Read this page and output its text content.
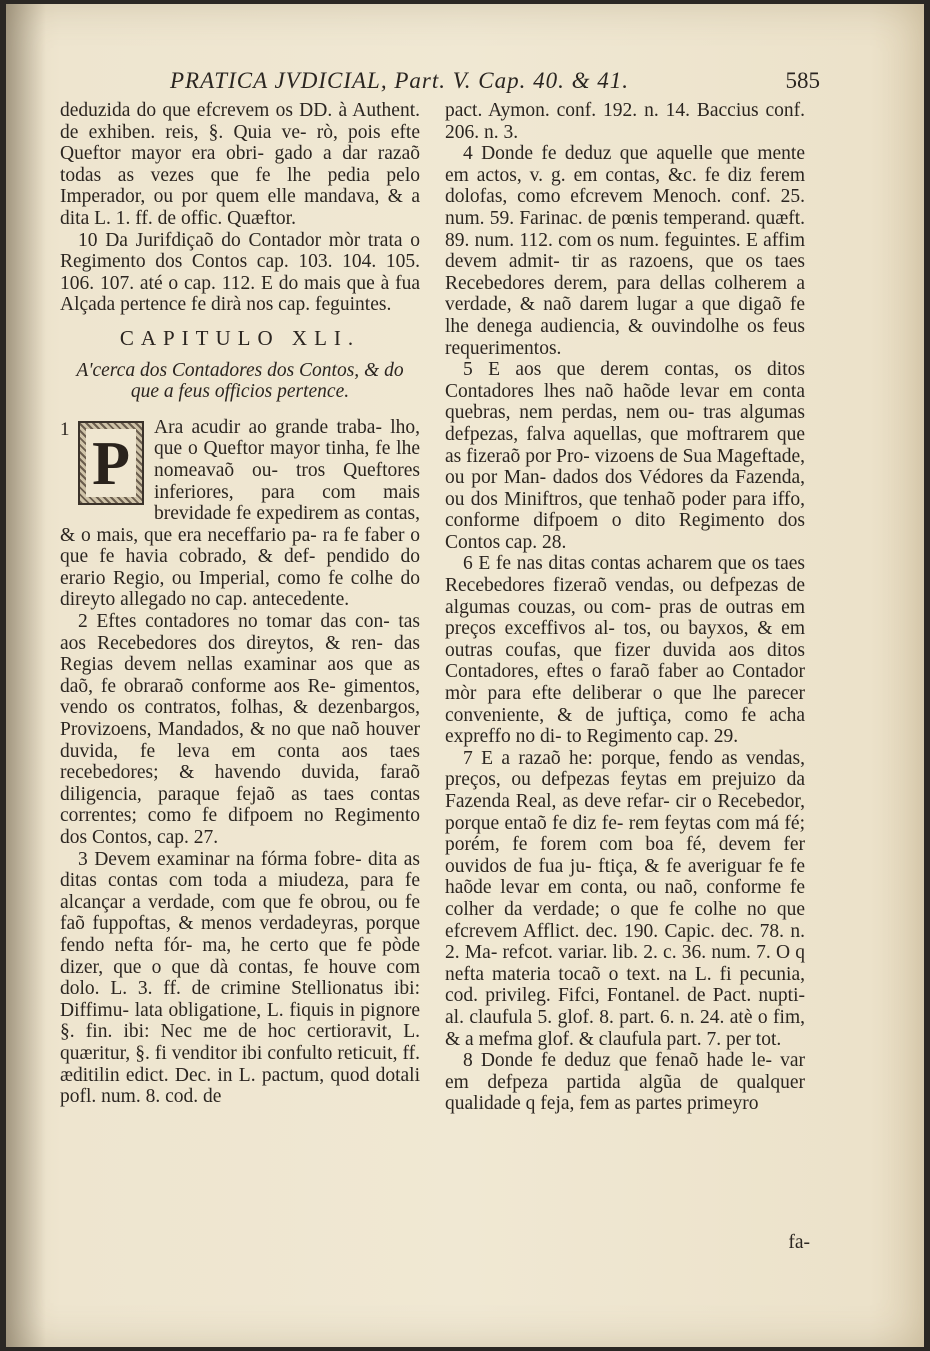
PRATICA JVDICIAL, Part. V. Cap. 40. & 41.	585

deduzida do que efcrevem os DD. à Authent. de exhiben. reis, §. Quia ve- rò, pois efte Queftor mayor era obri- gado a dar razaõ todas as vezes que fe lhe pedia pelo Imperador, ou por quem elle mandava, & a dita L. 1. ff. de offic. Quæftor.

10 Da Jurifdiçaõ do Contador mòr trata o Regimento dos Contos cap. 103. 104. 105. 106. 107. até o cap. 112. E do mais que à fua Alçada pertence fe dirà nos cap. feguintes.

CAPITULO XLI.
A'cerca dos Contadores dos Contos, & do que a feus officios pertence.
1
P

Ara acudir ao grande traba- lho, que o Queftor mayor tinha, fe lhe nomeavaõ ou- tros Queftores inferiores, para com mais brevidade fe expedirem as contas, & o mais, que era neceffario pa- ra fe faber o que fe havia cobrado, & def- pendido do erario Regio, ou Imperial, como fe colhe do direyto allegado no cap. antecedente.

2 Eftes contadores no tomar das con- tas aos Recebedores dos direytos, & ren- das Regias devem nellas examinar aos que as daõ, fe obraraõ conforme aos Re- gimentos, vendo os contratos, folhas, & dezenbargos, Provizoens, Mandados, & no que naõ houver duvida, fe leva em conta aos taes recebedores; & havendo duvida, faraõ diligencia, paraque fejaõ as taes contas correntes; como fe difpoem no Regimento dos Contos, cap. 27.

3 Devem examinar na fórma fobre- dita as ditas contas com toda a miudeza, para fe alcançar a verdade, com que fe obrou, ou fe faõ fuppoftas, & menos verdadeyras, porque fendo nefta fór- ma, he certo que fe pòde dizer, que o que dà contas, fe houve com dolo. L. 3. ff. de crimine Stellionatus ibi: Diffimu- lata obligatione, L. fiquis in pignore §. fin. ibi: Nec me de hoc certioravit, L. quæritur, §. fi venditor ibi confulto reticuit, ff. æditilin edict. Dec. in L. pactum, quod dotali pofl. num. 8. cod. de

pact. Aymon. conf. 192. n. 14. Baccius conf. 206. n. 3.

4 Donde fe deduz que aquelle que mente em actos, v. g. em contas, &c. fe diz ferem dolofas, como efcrevem Menoch. conf. 25. num. 59. Farinac. de pœnis temperand. quæft. 89. num. 112. com os num. feguintes. E affim devem admit- tir as razoens, que os taes Recebedores derem, para dellas colherem a verdade, & naõ darem lugar a que digaõ fe lhe denega audiencia, & ouvindolhe os feus requerimentos.

5 E aos que derem contas, os ditos Contadores lhes naõ haõde levar em conta quebras, nem perdas, nem ou- tras algumas defpezas, falva aquellas, que moftrarem que as fizeraõ por Pro- vizoens de Sua Mageftade, ou por Man- dados dos Védores da Fazenda, ou dos Miniftros, que tenhaõ poder para iffo, conforme difpoem o dito Regimento dos Contos cap. 28.

6 E fe nas ditas contas acharem que os taes Recebedores fizeraõ vendas, ou defpezas de algumas couzas, ou com- pras de outras em preços exceffivos al- tos, ou bayxos, & em outras coufas, que fizer duvida aos ditos Contadores, eftes o faraõ faber ao Contador mòr para efte deliberar o que lhe parecer conveniente, & de juftiça, como fe acha expreffo no di- to Regimento cap. 29.

7 E a razaõ he: porque, fendo as vendas, preços, ou defpezas feytas em prejuizo da Fazenda Real, as deve refar- cir o Recebedor, porque entaõ fe diz fe- rem feytas com má fé; porém, fe forem com boa fé, devem fer ouvidos de fua ju- ftiça, & fe averiguar fe fe haõde levar em conta, ou naõ, conforme fe colher da verdade; o que fe colhe no que efcrevem Afflict. dec. 190. Capic. dec. 78. n. 2. Ma- refcot. variar. lib. 2. c. 36. num. 7. O q nefta materia tocaõ o text. na L. fi pecunia, cod. privileg. Fifci, Fontanel. de Pact. nupti- al. claufula 5. glof. 8. part. 6. n. 24. atè o fim, & a mefma glof. & claufula part. 7. per tot.

8 Donde fe deduz que fenaõ hade le- var em defpeza partida algũa de qualquer qualidade q feja, fem as partes primeyro

fa-
